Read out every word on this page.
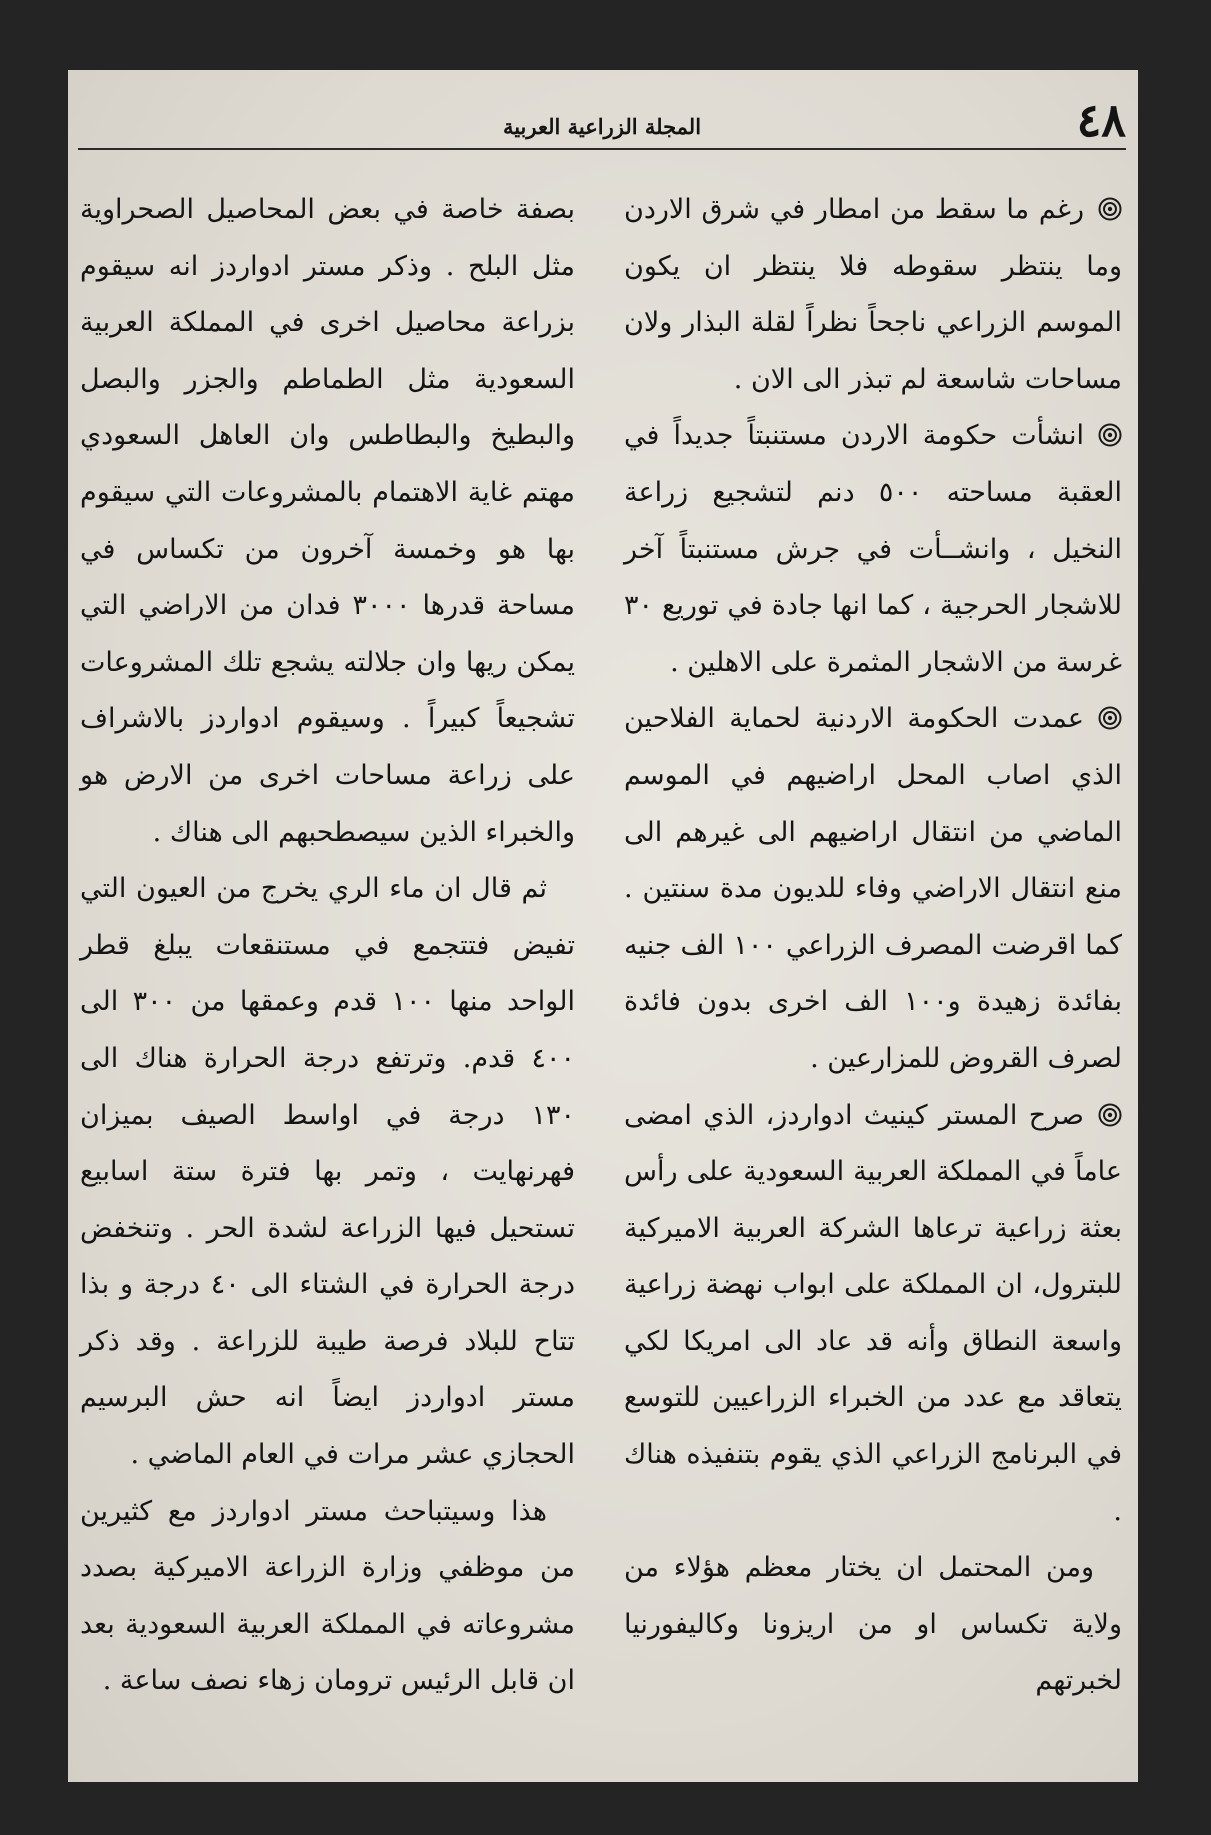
٤٨
المجلة الزراعية العربية

رغم ما سقط من امطار في شرق الاردن وما ينتظر سقوطه فلا ينتظر ان يكون الموسم الزراعي ناجحاً نظراً لقلة البذار ولان مساحات شاسعة لم تبذر الى الان .

انشأت حكومة الاردن مستنبتاً جديداً في العقبة مساحته ٥٠٠ دنم لتشجيع زراعة النخيل ، وانشــأت في جرش مستنبتاً آخر للاشجار الحرجية ، كما انها جادة في توريع ٣٠ غرسة من الاشجار المثمرة على الاهلين .

عمدت الحكومة الاردنية لحماية الفلاحين الذي اصاب المحل اراضيهم في الموسم الماضي من انتقال اراضيهم الى غيرهم الى منع انتقال الاراضي وفاء للديون مدة سنتين . كما اقرضت المصرف الزراعي ١٠٠ الف جنيه بفائدة زهيدة و١٠٠ الف اخرى بدون فائدة لصرف القروض للمزارعين .

صرح المستر كينيث ادواردز، الذي امضى عاماً في المملكة العربية السعودية على رأس بعثة زراعية ترعاها الشركة العربية الاميركية للبترول، ان المملكة على ابواب نهضة زراعية واسعة النطاق وأنه قد عاد الى امريكا لكي يتعاقد مع عدد من الخبراء الزراعيين للتوسع في البرنامج الزراعي الذي يقوم بتنفيذه هناك .

ومن المحتمل ان يختار معظم هؤلاء من ولاية تكساس او من اريزونا وكاليفورنيا لخبرتهم

بصفة خاصة في بعض المحاصيل الصحراوية مثل البلح . وذكر مستر ادواردز انه سيقوم بزراعة محاصيل اخرى في المملكة العربية السعودية مثل الطماطم والجزر والبصل والبطيخ والبطاطس وان العاهل السعودي مهتم غاية الاهتمام بالمشروعات التي سيقوم بها هو وخمسة آخرون من تكساس في مساحة قدرها ٣٠٠٠ فدان من الاراضي التي يمكن ريها وان جلالته يشجع تلك المشروعات تشجيعاً كبيراً . وسيقوم ادواردز بالاشراف على زراعة مساحات اخرى من الارض هو والخبراء الذين سيصطحبهم الى هناك .

ثم قال ان ماء الري يخرج من العيون التي تفيض فتتجمع في مستنقعات يبلغ قطر الواحد منها ١٠٠ قدم وعمقها من ٣٠٠ الى ٤٠٠ قدم. وترتفع درجة الحرارة هناك الى ١٣٠ درجة في اواسط الصيف بميزان فهرنهايت ، وتمر بها فترة ستة اسابيع تستحيل فيها الزراعة لشدة الحر . وتنخفض درجة الحرارة في الشتاء الى ٤٠ درجة و بذا تتاح للبلاد فرصة طيبة للزراعة . وقد ذكر مستر ادواردز ايضاً انه حش البرسيم الحجازي عشر مرات في العام الماضي .

هذا وسيتباحث مستر ادواردز مع كثيرين من موظفي وزارة الزراعة الاميركية بصدد مشروعاته في المملكة العربية السعودية بعد ان قابل الرئيس ترومان زهاء نصف ساعة .
